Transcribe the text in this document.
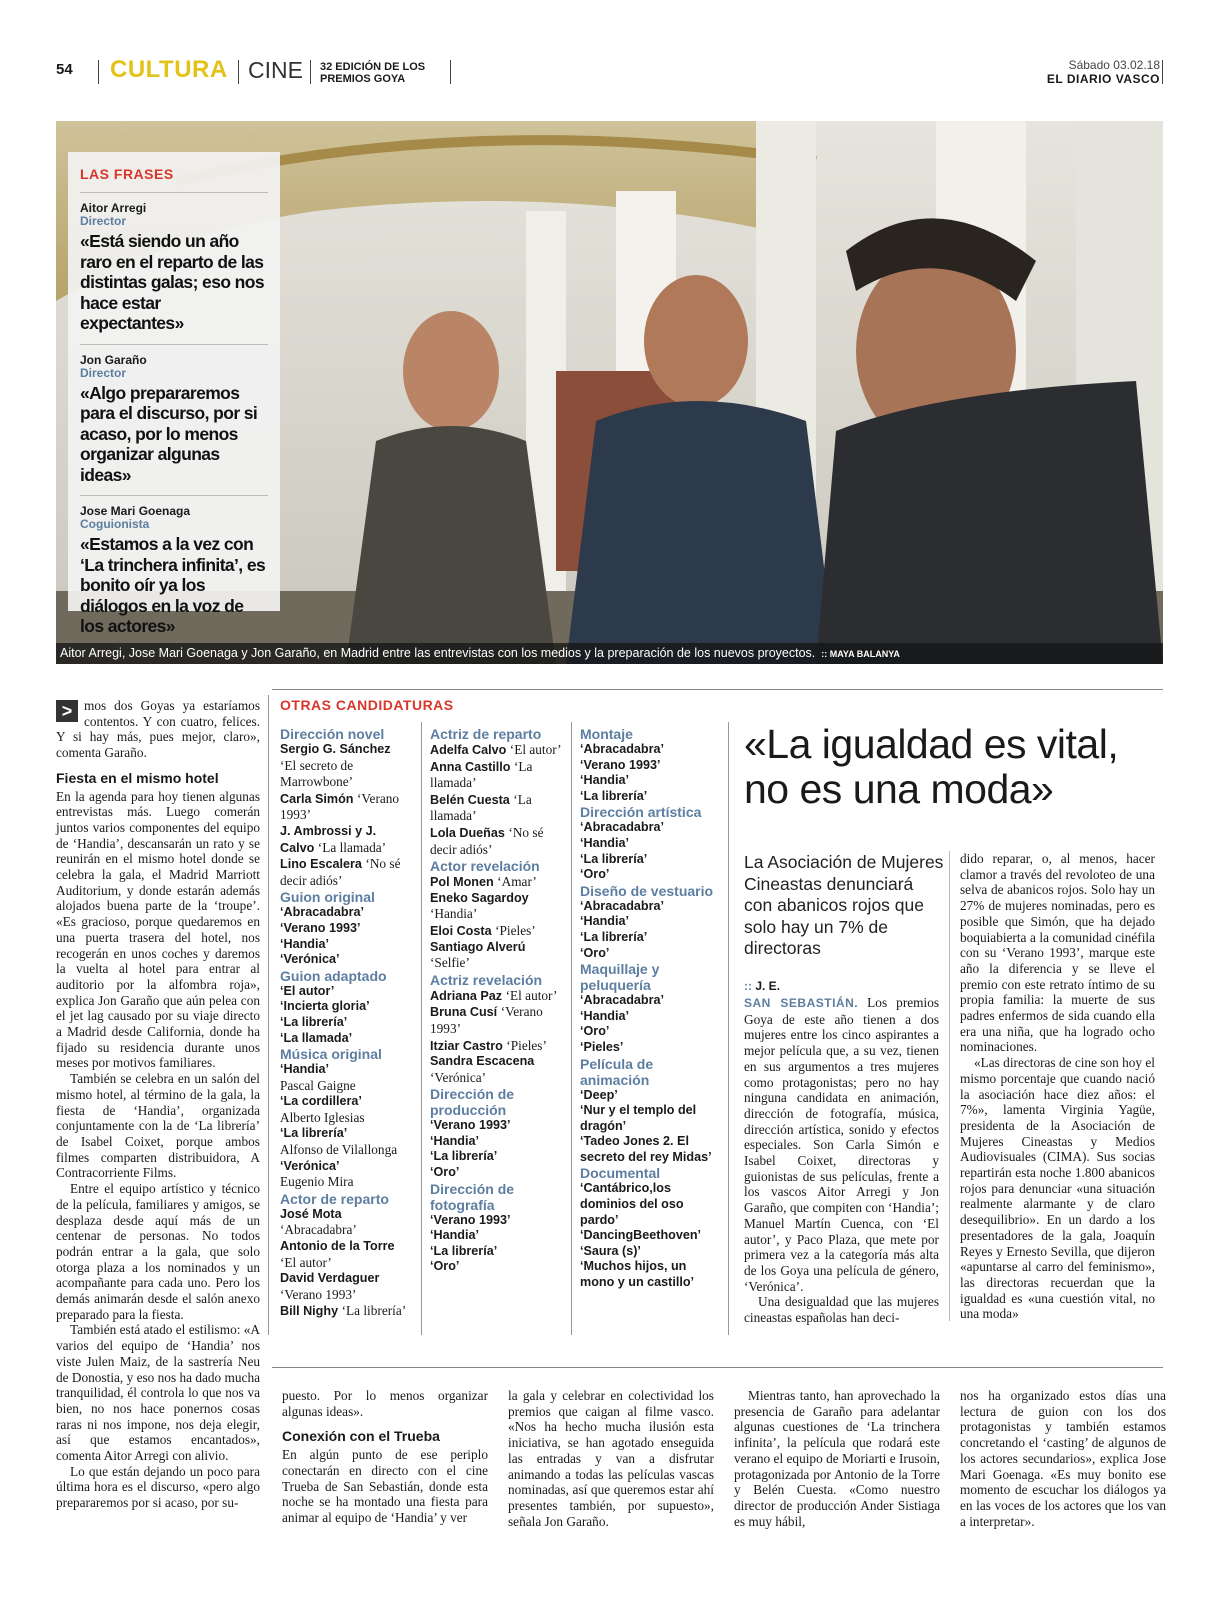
54 CULTURA CINE 32 EDICIÓN DE LOS PREMIOS GOYA
Sábado 03.02.18
EL DIARIO VASCO
Aitor Arregi, Jose Mari Goenaga y Jon Garaño, en Madrid entre las entrevistas con los medios y la preparación de los nuevos proyectos. :: MAYA BALANYA
LAS FRASES
Aitor Arregi
Director
«Está siendo un año raro en el reparto de las distintas galas; eso nos hace estar expectantes»
Jon Garaño
Director
«Algo prepararemos para el discurso, por si acaso, por lo menos organizar algunas ideas»
Jose Mari Goenaga
Coguionista
«Estamos a la vez con ‘La trinchera infinita’, es bonito oír ya los diálogos en la voz de los actores»
> mos dos Goyas ya estaríamos contentos. Y con cuatro, felices. Y si hay más, pues mejor, claro», comenta Garaño.

Fiesta en el mismo hotel

En la agenda para hoy tienen algunas entrevistas más. Luego comerán juntos varios componentes del equipo de ‘Handia’, descansarán un rato y se reunirán en el mismo hotel donde se celebra la gala, el Madrid Marriott Auditorium, y donde estarán además alojados buena parte de la ‘troupe’. «Es gracioso, porque quedaremos en una puerta trasera del hotel, nos recogerán en unos coches y daremos la vuelta al hotel para entrar al auditorio por la alfombra roja», explica Jon Garaño que aún pelea con el jet lag causado por su viaje directo a Madrid desde California, donde ha fijado su residencia durante unos meses por motivos familiares.

También se celebra en un salón del mismo hotel, al término de la gala, la fiesta de ‘Handia’, organizada conjuntamente con la de ‘La librería’ de Isabel Coixet, porque ambos filmes comparten distribuidora, A Contracorriente Films.

Entre el equipo artístico y técnico de la película, familiares y amigos, se desplaza desde aquí más de un centenar de personas. No todos podrán entrar a la gala, que solo otorga plaza a los nominados y un acompañante para cada uno. Pero los demás animarán desde el salón anexo preparado para la fiesta.

También está atado el estilismo: «A varios del equipo de ‘Handia’ nos viste Julen Maiz, de la sastrería Neu de Donostia, y eso nos ha dado mucha tranquilidad, él controla lo que nos va bien, no nos hace ponernos cosas raras ni nos impone, nos deja elegir, así que estamos encantados», comenta Aitor Arregi con alivio.

Lo que están dejando un poco para última hora es el discurso, «pero algo prepararemos por si acaso, por su-

OTRAS CANDIDATURAS
Dirección novel
Sergio G. Sánchez ‘El secreto de Marrowbone’
Carla Simón ‘Verano 1993’
J. Ambrossi y J. Calvo ‘La llamada’
Lino Escalera ‘No sé decir adiós’
Guion original
‘Abracadabra’
‘Verano 1993’
‘Handia’
‘Verónica’
Guion adaptado
‘El autor’
‘Incierta gloria’
‘La librería’
‘La llamada’
Música original
‘Handia’
Pascal Gaigne
‘La cordillera’
Alberto Iglesias
‘La librería’
Alfonso de Vilallonga
‘Verónica’
Eugenio Mira
Actor de reparto
José Mota ‘Abracadabra’
Antonio de la Torre ‘El autor’
David Verdaguer ‘Verano 1993’
Bill Nighy ‘La librería’
Actriz de reparto
Adelfa Calvo ‘El autor’
Anna Castillo ‘La llamada’
Belén Cuesta ‘La llamada’
Lola Dueñas ‘No sé decir adiós’
Actor revelación
Pol Monen ‘Amar’
Eneko Sagardoy ‘Handia’
Eloi Costa ‘Pieles’
Santiago Alverú ‘Selfie’
Actriz revelación
Adriana Paz ‘El autor’
Bruna Cusí ‘Verano 1993’
Itziar Castro ‘Pieles’
Sandra Escacena ‘Verónica’
Dirección de producción
‘Verano 1993’
‘Handia’
‘La librería’
‘Oro’
Dirección de fotografía
‘Verano 1993’
‘Handia’
‘La librería’
‘Oro’
Montaje
‘Abracadabra’
‘Verano 1993’
‘Handia’
‘La librería’
Dirección artística
‘Abracadabra’
‘Handia’
‘La librería’
‘Oro’
Diseño de vestuario
‘Abracadabra’
‘Handia’
‘La librería’
‘Oro’
Maquillaje y peluquería
‘Abracadabra’
‘Handia’
‘Oro’
‘Pieles’
Película de animación
‘Deep’
‘Nur y el templo del dragón’
‘Tadeo Jones 2. El secreto del rey Midas’
Documental
‘Cantábrico,los dominios del oso pardo’
‘DancingBeethoven’
‘Saura (s)’
‘Muchos hijos, un mono y un castillo’
«La igualdad es vital, no es una moda»
La Asociación de Mujeres Cineastas denunciará con abanicos rojos que solo hay un 7% de directoras
:: J. E.

SAN SEBASTIÁN. Los premios Goya de este año tienen a dos mujeres entre los cinco aspirantes a mejor película que, a su vez, tienen en sus argumentos a tres mujeres como protagonistas; pero no hay ninguna candidata en animación, dirección de fotografía, música, dirección artística, sonido y efectos especiales. Son Carla Simón e Isabel Coixet, directoras y guionistas de sus películas, frente a los vascos Aitor Arregi y Jon Garaño, que compiten con ‘Handia’; Manuel Martín Cuenca, con ‘El autor’, y Paco Plaza, que mete por primera vez a la categoría más alta de los Goya una película de género, ‘Verónica’.

Una desigualdad que las mujeres cineastas españolas han deci-

dido reparar, o, al menos, hacer clamor a través del revoloteo de una selva de abanicos rojos. Solo hay un 27% de mujeres nominadas, pero es posible que Simón, que ha dejado boquiabierta a la comunidad cinéfila con su ‘Verano 1993’, marque este año la diferencia y se lleve el premio con este retrato íntimo de su propia familia: la muerte de sus padres enfermos de sida cuando ella era una niña, que ha logrado ocho nominaciones.

«Las directoras de cine son hoy el mismo porcentaje que cuando nació la asociación hace diez años: el 7%», lamenta Virginia Yagüe, presidenta de la Asociación de Mujeres Cineastas y Medios Audiovisuales (CIMA). Sus socias repartirán esta noche 1.800 abanicos rojos para denunciar «una situación realmente alarmante y de claro desequilibrio». En un dardo a los presentadores de la gala, Joaquín Reyes y Ernesto Sevilla, que dijeron «apuntarse al carro del feminismo», las directoras recuerdan que la igualdad es «una cuestión vital, no una moda»

puesto. Por lo menos organizar algunas ideas».

Conexión con el Trueba

En algún punto de ese periplo conectarán en directo con el cine Trueba de San Sebastián, donde esta noche se ha montado una fiesta para animar al equipo de ‘Handia’ y ver

la gala y celebrar en colectividad los premios que caigan al filme vasco. «Nos ha hecho mucha ilusión esta iniciativa, se han agotado enseguida las entradas y van a disfrutar animando a todas las películas vascas nominadas, así que queremos estar ahí presentes también, por supuesto», señala Jon Garaño.

Mientras tanto, han aprovechado la presencia de Garaño para adelantar algunas cuestiones de ‘La trinchera infinita’, la película que rodará este verano el equipo de Moriarti e Irusoin, protagonizada por Antonio de la Torre y Belén Cuesta. «Como nuestro director de producción Ander Sistiaga es muy hábil,

nos ha organizado estos días una lectura de guion con los dos protagonistas y también estamos concretando el ‘casting’ de algunos de los actores secundarios», explica Jose Mari Goenaga. «Es muy bonito ese momento de escuchar los diálogos ya en las voces de los actores que los van a interpretar».
